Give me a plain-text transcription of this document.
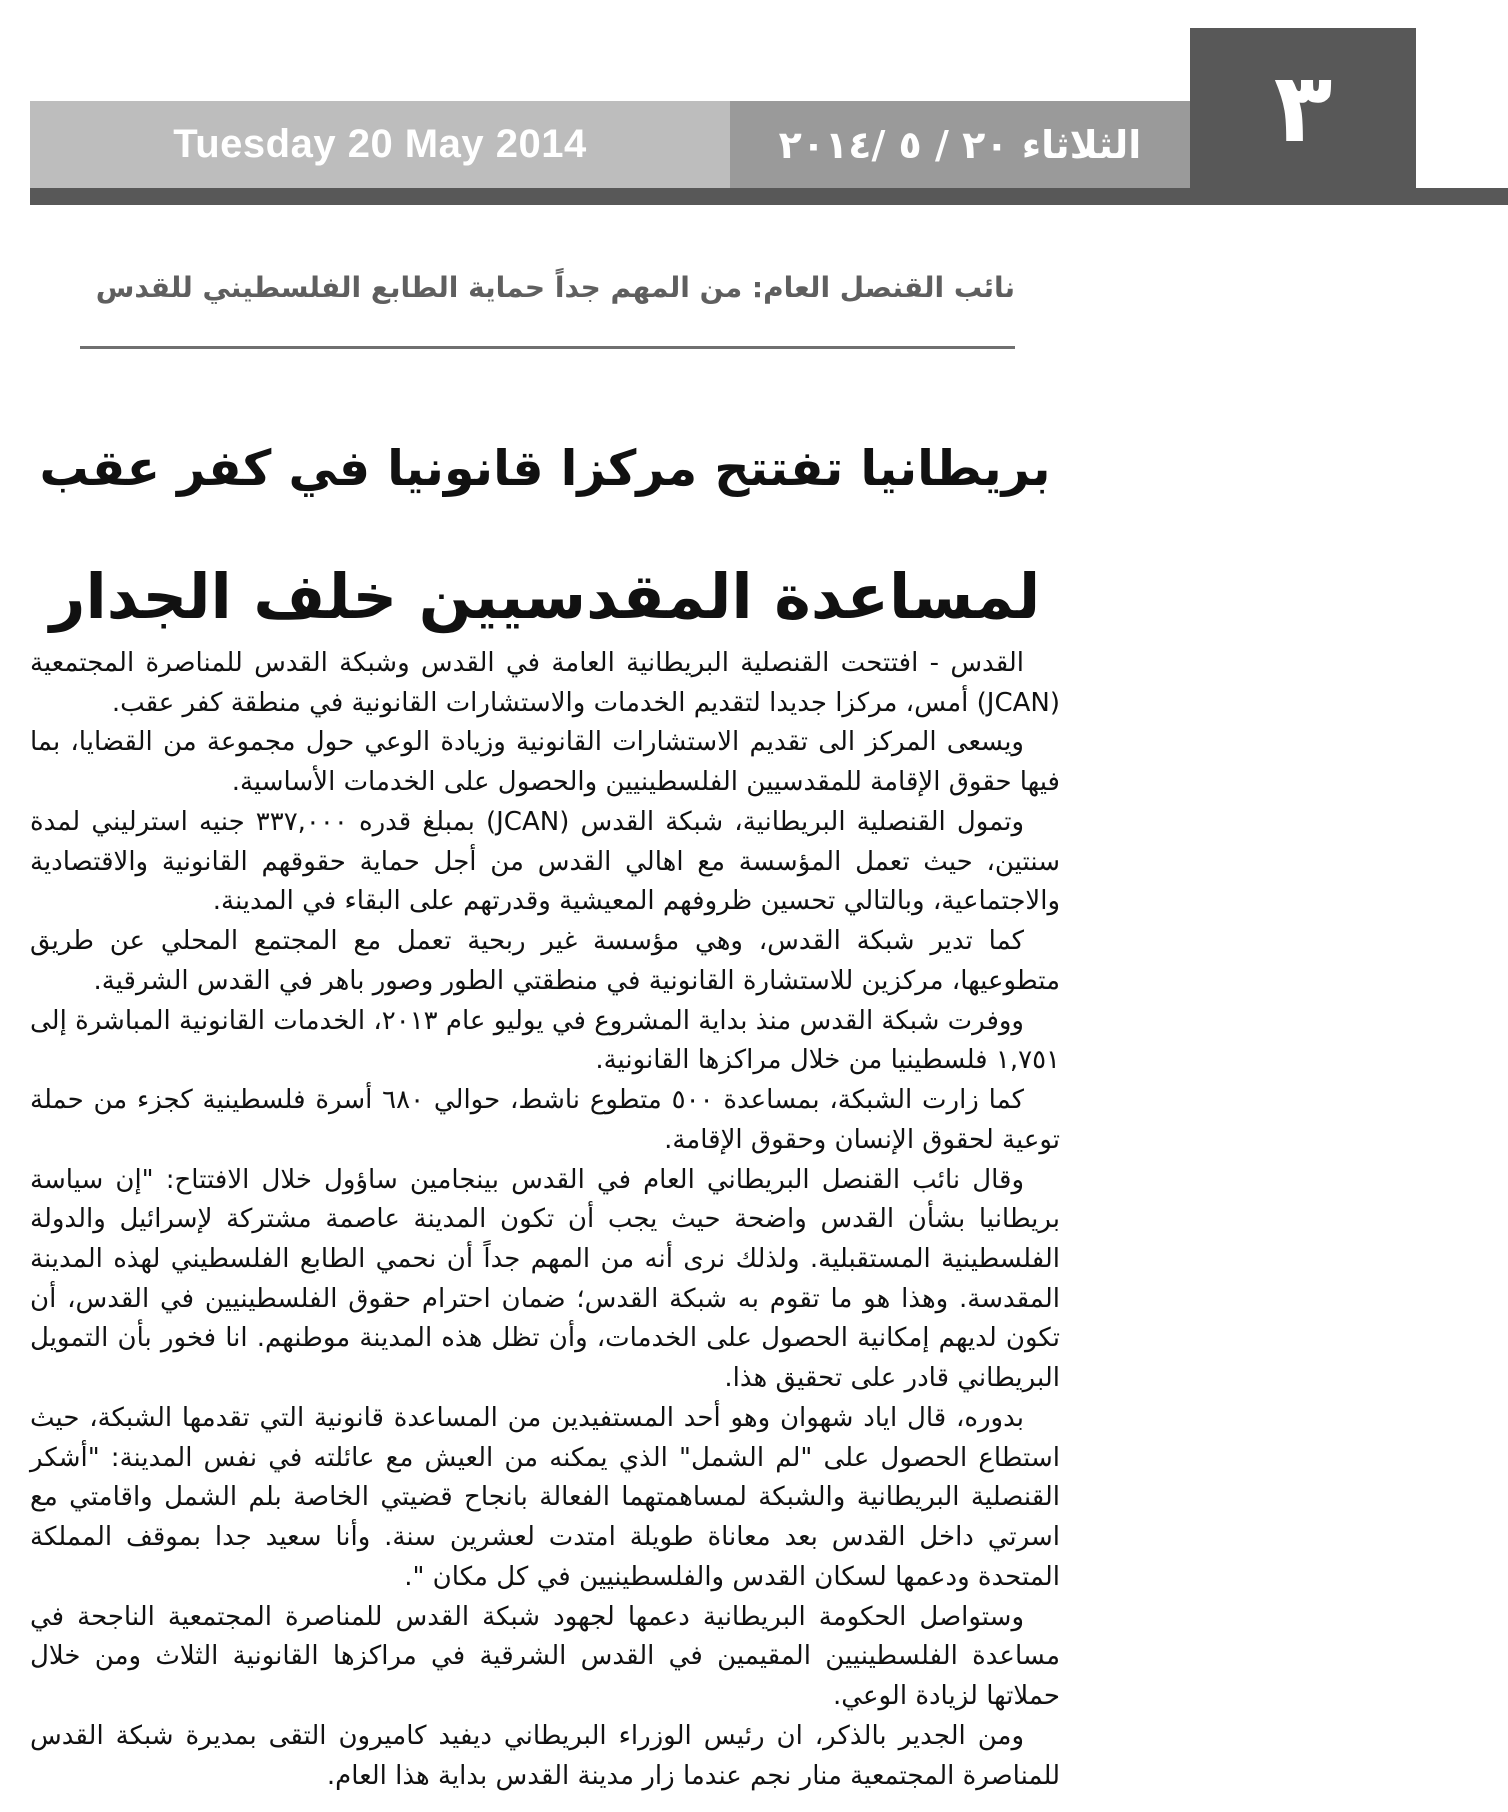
Tuesday 20 May 2014	الثلاثاء ٢٠ / ٥ /٢٠١٤ ٣
نائب القنصل العام: من المهم جداً حماية الطابع الفلسطيني للقدس
بريطانيا تفتتح مركزا قانونيا في كفر عقب
لمساعدة المقدسيين خلف الجدار

القدس - افتتحت القنصلية البريطانية العامة في القدس وشبكة القدس للمناصرة المجتمعية (JCAN) أمس، مركزا جديدا لتقديم الخدمات والاستشارات القانونية في منطقة كفر عقب.

ويسعى المركز الى تقديم الاستشارات القانونية وزيادة الوعي حول مجموعة من القضايا، بما فيها حقوق الإقامة للمقدسيين الفلسطينيين والحصول على الخدمات الأساسية.

وتمول القنصلية البريطانية، شبكة القدس (JCAN) بمبلغ قدره ٣٣٧,٠٠٠ جنيه استرليني لمدة سنتين، حيث تعمل المؤسسة مع اهالي القدس من أجل حماية حقوقهم القانونية والاقتصادية والاجتماعية، وبالتالي تحسين ظروفهم المعيشية وقدرتهم على البقاء في المدينة.

كما تدير شبكة القدس، وهي مؤسسة غير ربحية تعمل مع المجتمع المحلي عن طريق متطوعيها، مركزين للاستشارة القانونية في منطقتي الطور وصور باهر في القدس الشرقية.

ووفرت شبكة القدس منذ بداية المشروع في يوليو عام ٢٠١٣، الخدمات القانونية المباشرة إلى ١,٧٥١ فلسطينيا من خلال مراكزها القانونية.

كما زارت الشبكة، بمساعدة ٥٠٠ متطوع ناشط، حوالي ٦٨٠ أسرة فلسطينية كجزء من حملة توعية لحقوق الإنسان وحقوق الإقامة.

وقال نائب القنصل البريطاني العام في القدس بينجامين ساؤول خلال الافتتاح: "إن سياسة بريطانيا بشأن القدس واضحة حيث يجب أن تكون المدينة عاصمة مشتركة لإسرائيل والدولة الفلسطينية المستقبلية. ولذلك نرى أنه من المهم جداً أن نحمي الطابع الفلسطيني لهذه المدينة المقدسة. وهذا هو ما تقوم به شبكة القدس؛ ضمان احترام حقوق الفلسطينيين في القدس، أن تكون لديهم إمكانية الحصول على الخدمات، وأن تظل هذه المدينة موطنهم. انا فخور بأن التمويل البريطاني قادر على تحقيق هذا.

بدوره، قال اياد شهوان وهو أحد المستفيدين من المساعدة قانونية التي تقدمها الشبكة، حيث استطاع الحصول على "لم الشمل" الذي يمكنه من العيش مع عائلته في نفس المدينة: "أشكر القنصلية البريطانية والشبكة لمساهمتهما الفعالة بانجاح قضيتي الخاصة بلم الشمل واقامتي مع اسرتي داخل القدس بعد معاناة طويلة امتدت لعشرين سنة. وأنا سعيد جدا بموقف المملكة المتحدة ودعمها لسكان القدس والفلسطينيين في كل مكان ".

وستواصل الحكومة البريطانية دعمها لجهود شبكة القدس للمناصرة المجتمعية الناجحة في مساعدة الفلسطينيين المقيمين في القدس الشرقية في مراكزها القانونية الثلاث ومن خلال حملاتها لزيادة الوعي.

ومن الجدير بالذكر، ان رئيس الوزراء البريطاني ديفيد كاميرون التقى بمديرة شبكة القدس للمناصرة المجتمعية منار نجم عندما زار مدينة القدس بداية هذا العام.
